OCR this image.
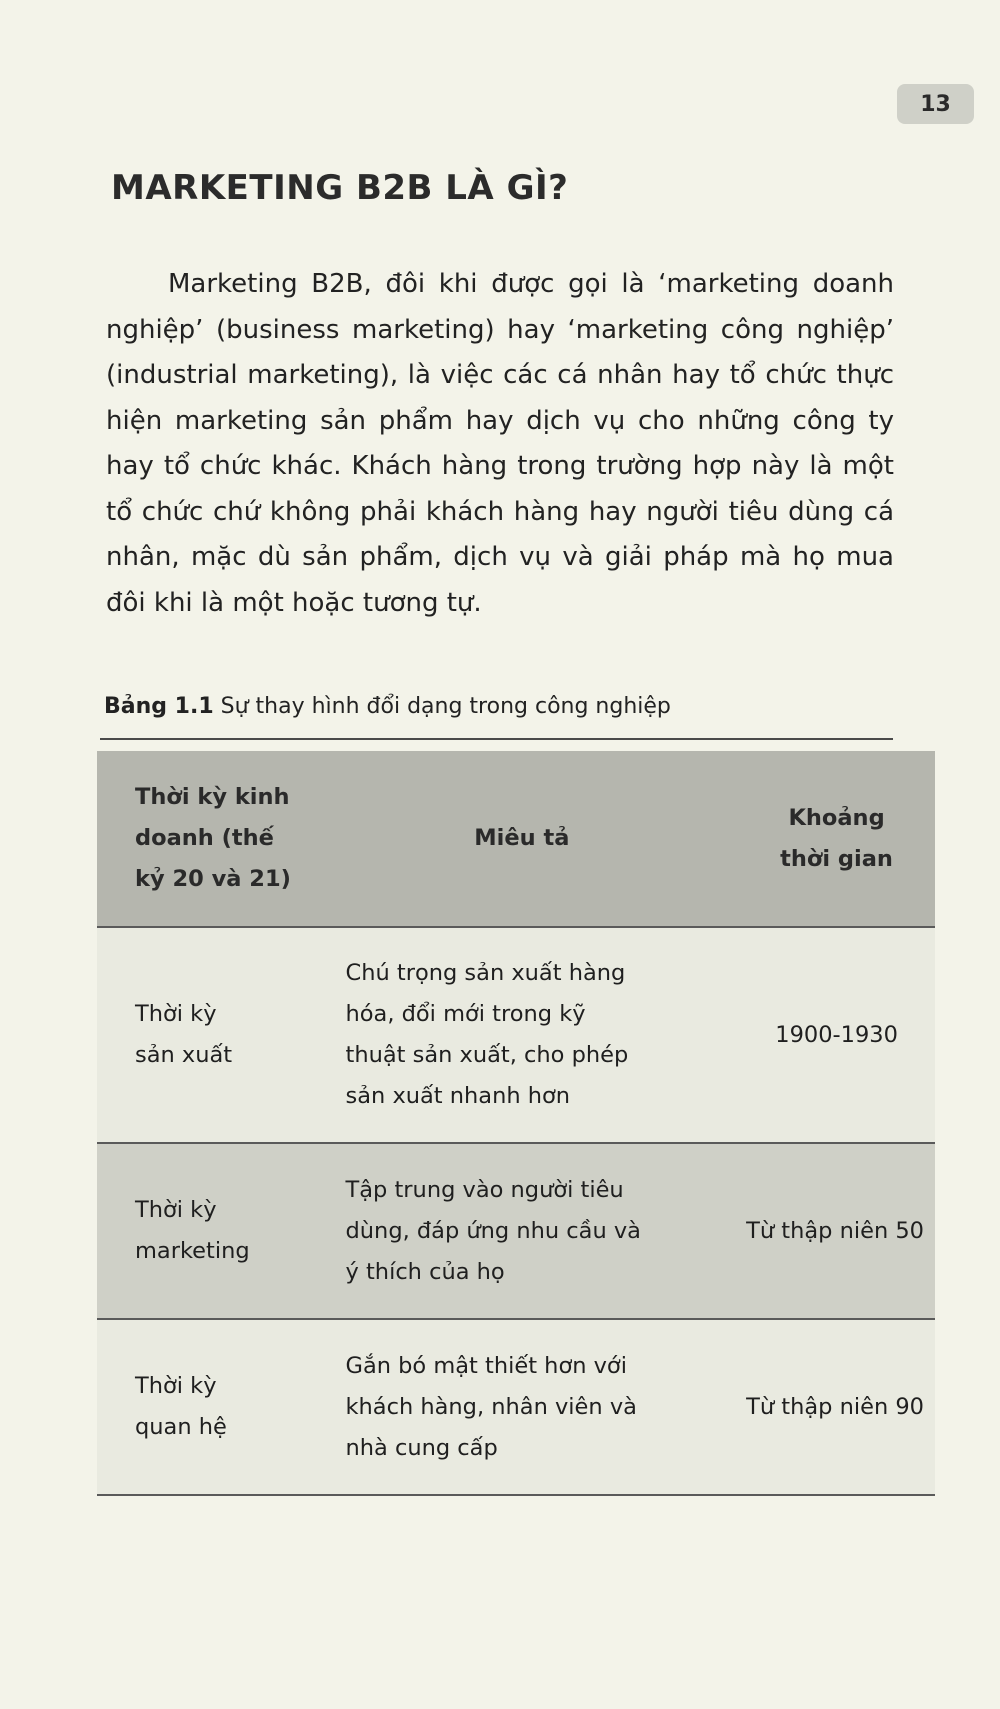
13
MARKETING B2B LÀ GÌ?

Marketing B2B, đôi khi được gọi là ‘marketing doanh nghiệp’ (business marketing) hay ‘marketing công nghiệp’ (industrial marketing), là việc các cá nhân hay tổ chức thực hiện marketing sản phẩm hay dịch vụ cho những công ty hay tổ chức khác. Khách hàng trong trường hợp này là một tổ chức chứ không phải khách hàng hay người tiêu dùng cá nhân, mặc dù sản phẩm, dịch vụ và giải pháp mà họ mua đôi khi là một hoặc tương tự.

Bảng 1.1 Sự thay hình đổi dạng trong công nghiệp
Thời kỳ kinh doanh (thế kỷ 20 và 21)	Miêu tả	Khoảng thời gian

Thời kỳ sản xuất	Chú trọng sản xuất hàng hóa, đổi mới trong kỹ thuật sản xuất, cho phép sản xuất nhanh hơn	1900-1930

Thời kỳ marketing	Tập trung vào người tiêu dùng, đáp ứng nhu cầu và ý thích của họ	Từ thập niên 50

Thời kỳ quan hệ	Gắn bó mật thiết hơn với khách hàng, nhân viên và nhà cung cấp	Từ thập niên 90
